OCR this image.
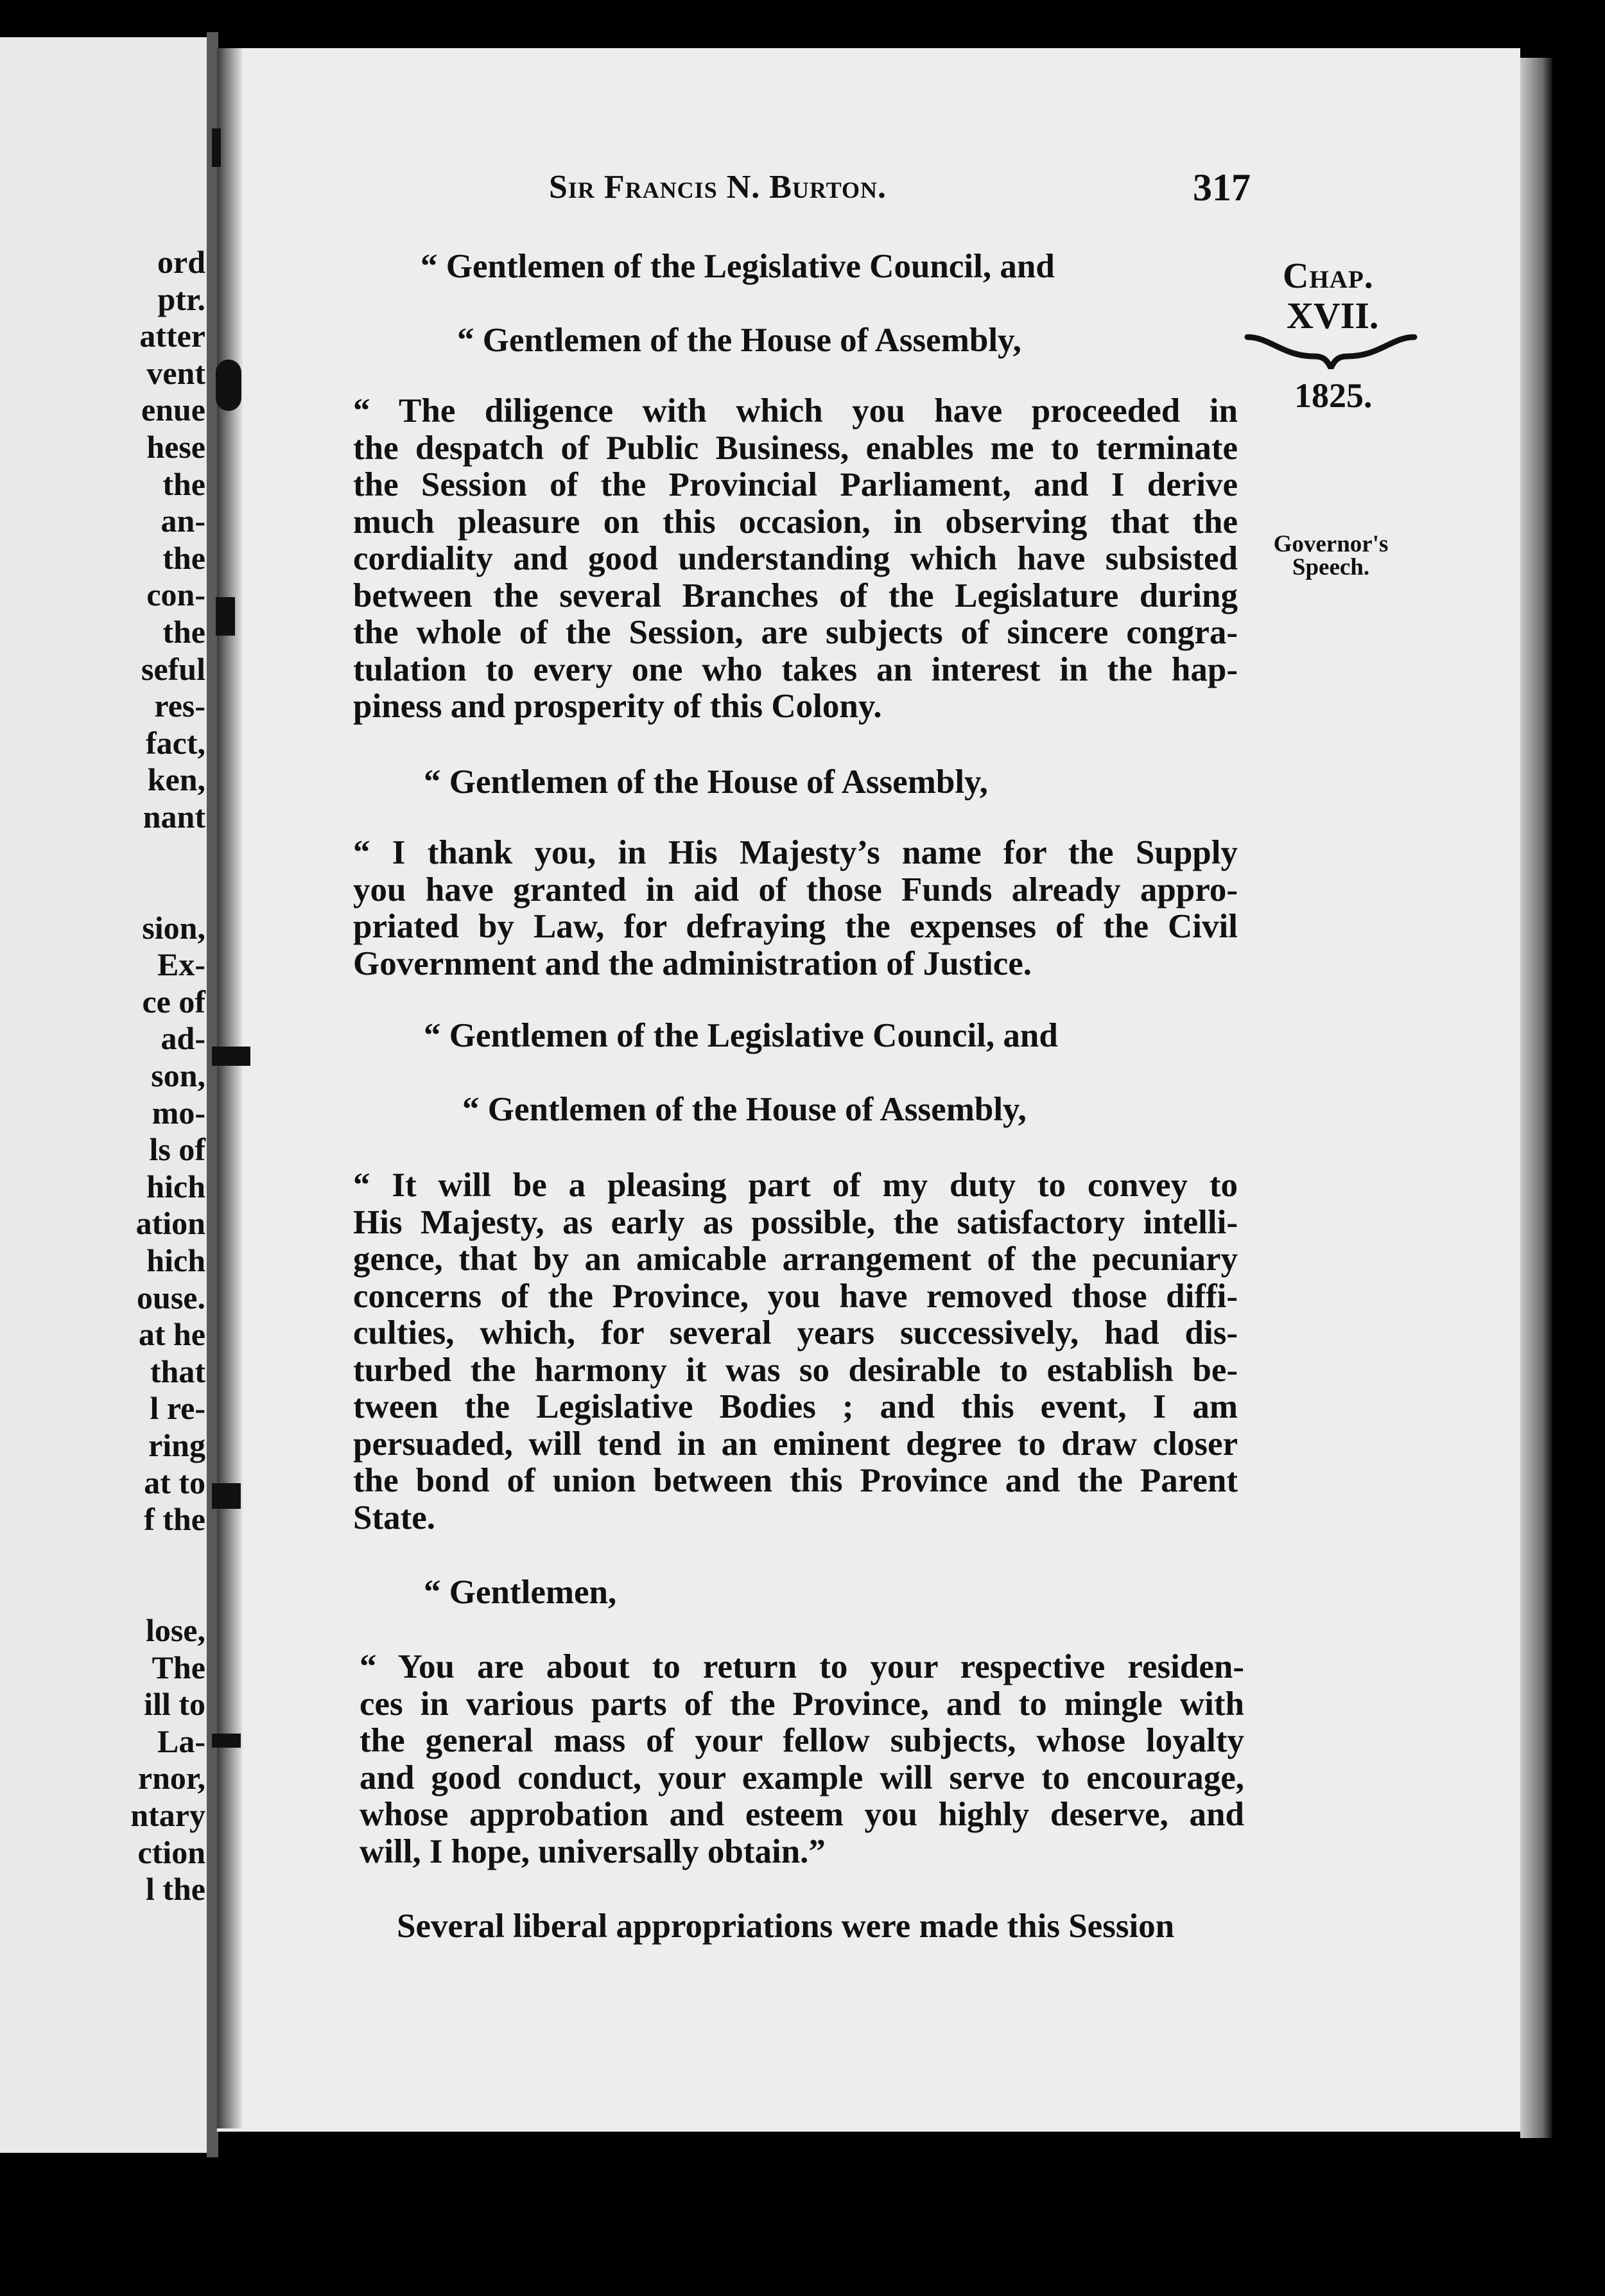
ord
ptr.
atter
vent
enue
hese
the
an-
the
con-
the
seful
res-
fact,
ken,
nant
sion,
Ex-
ce of
ad-
son,
mo-
ls of
hich
ation
hich
ouse.
at he
that
l re-
ring
at to
f the
lose,
The
ill to
La-
rnor,
ntary
ction
l the
Sir Francis N. Burton.	317
Chap.
XVII.
1825.
Governor's
Speech.
“ Gentlemen of the Legislative Council, and
“ Gentlemen of the House of Assembly,
“ The diligence with which you have proceeded in
the despatch of Public Business, enables me to terminate
the Session of the Provincial Parliament, and I derive
much pleasure on this occasion, in observing that the
cordiality and good understanding which have subsisted
between the several Branches of the Legislature during
the whole of the Session, are subjects of sincere congra-
tulation to every one who takes an interest in the hap-
piness and prosperity of this Colony.
“ Gentlemen of the House of Assembly,
“ I thank you, in His Majesty’s name for the Supply
you have granted in aid of those Funds already appro-
priated by Law, for defraying the expenses of the Civil
Government and the administration of Justice.
“ Gentlemen of the Legislative Council, and
“ Gentlemen of the House of Assembly,
“ It will be a pleasing part of my duty to convey to
His Majesty, as early as possible, the satisfactory intelli-
gence, that by an amicable arrangement of the pecuniary
concerns of the Province, you have removed those diffi-
culties, which, for several years successively, had dis-
turbed the harmony it was so desirable to establish be-
tween the Legislative Bodies ; and this event, I am
persuaded, will tend in an eminent degree to draw closer
the bond of union between this Province and the Parent
State.
“ Gentlemen,
“ You are about to return to your respective residen-
ces in various parts of the Province, and to mingle with
the general mass of your fellow subjects, whose loyalty
and good conduct, your example will serve to encourage,
whose approbation and esteem you highly deserve, and
will, I hope, universally obtain.”
Several liberal appropriations were made this Session
